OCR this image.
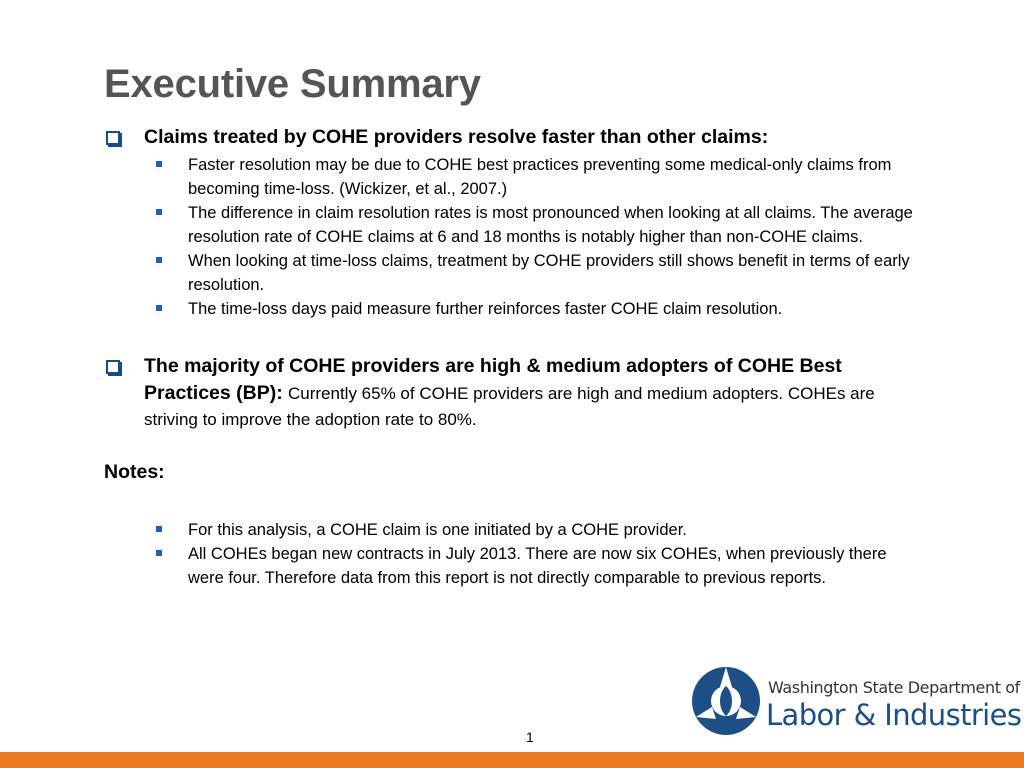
Executive Summary
Claims treated by COHE providers resolve faster than other claims:
Faster resolution may be due to COHE best practices preventing some medical-only claims from becoming time-loss. (Wickizer, et al., 2007.)
The difference in claim resolution rates is most pronounced when looking at all claims. The average resolution rate of COHE claims at 6 and 18 months is notably higher than non-COHE claims.
When looking at time-loss claims, treatment by COHE providers still shows benefit in terms of early resolution.
The time-loss days paid measure further reinforces faster COHE claim resolution.
The majority of COHE providers are high & medium adopters of COHE Best Practices (BP): Currently 65% of COHE providers are high and medium adopters. COHEs are striving to improve the adoption rate to 80%.
Notes:
For this analysis, a COHE claim is one initiated by a COHE provider.
All COHEs began new contracts in July 2013. There are now six COHEs, when previously there were four. Therefore data from this report is not directly comparable to previous reports.
Washington State Department of
Labor & Industries
1
